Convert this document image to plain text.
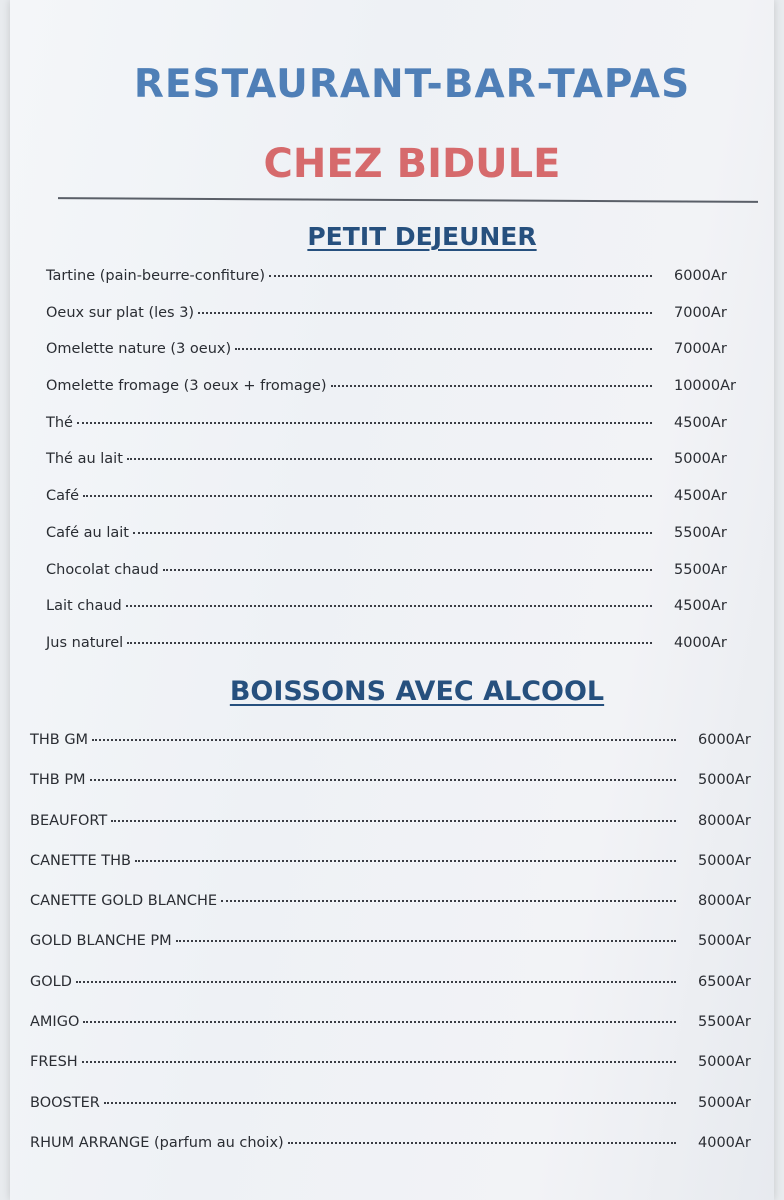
RESTAURANT-BAR-TAPAS
CHEZ BIDULE
PETIT DEJEUNER
Tartine (pain-beurre-confiture)	6000Ar
Oeux sur plat (les 3)	7000Ar
Omelette nature (3 oeux)	7000Ar
Omelette fromage (3 oeux + fromage)	10000Ar
Thé	4500Ar
Thé au lait	5000Ar
Café	4500Ar
Café au lait	5500Ar
Chocolat chaud	5500Ar
Lait chaud	4500Ar
Jus naturel	4000Ar
BOISSONS AVEC ALCOOL
THB GM	6000Ar
THB PM	5000Ar
BEAUFORT	8000Ar
CANETTE THB	5000Ar
CANETTE GOLD BLANCHE	8000Ar
GOLD BLANCHE PM	5000Ar
GOLD	6500Ar
AMIGO	5500Ar
FRESH	5000Ar
BOOSTER	5000Ar
RHUM ARRANGE (parfum au choix)	4000Ar
